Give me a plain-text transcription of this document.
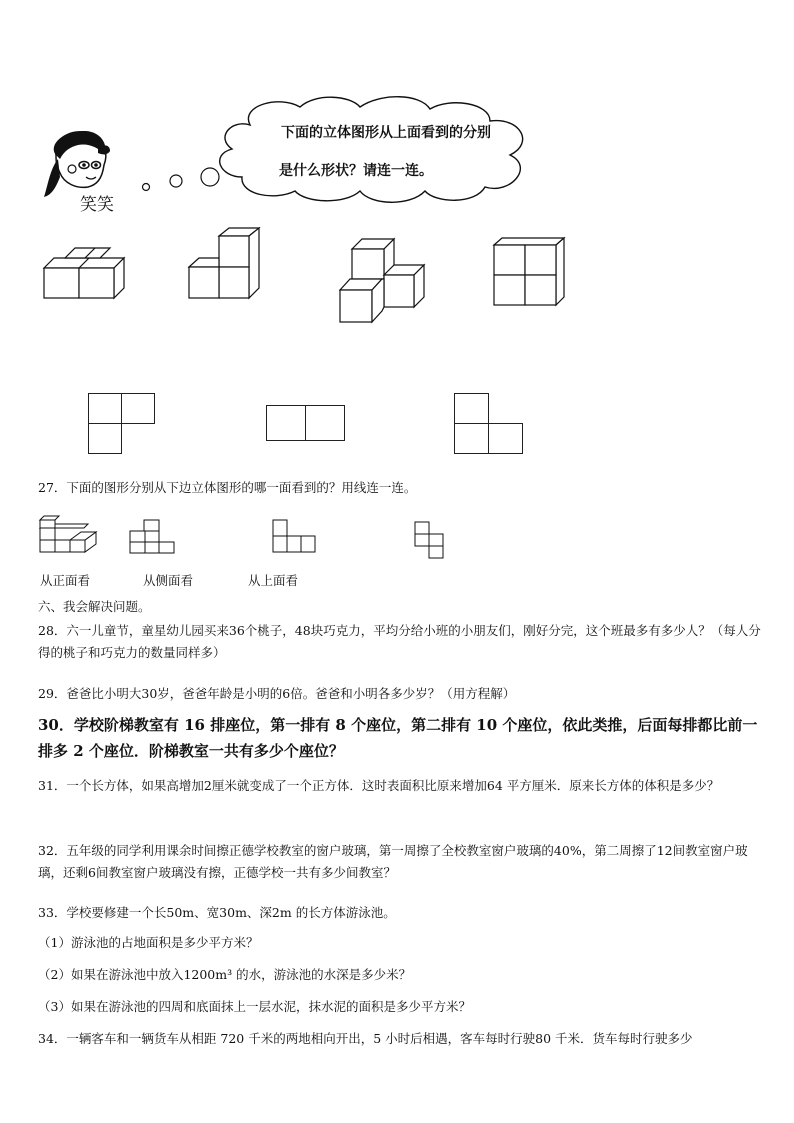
笑笑
下面的立体图形从上面看到的分别
是什么形状？请连一连。
27．下面的图形分别从下边立体图形的哪一面看到的？用线连一连。
从正面看	从侧面看	从上面看
六、我会解决问题。
28．六一儿童节，童星幼儿园买来36个桃子，48块巧克力，平均分给小班的小朋友们，刚好分完，这个班最多有多少人？（每人分得的桃子和巧克力的数量同样多）
29．爸爸比小明大30岁，爸爸年龄是小明的6倍。爸爸和小明各多少岁？（用方程解）
30．学校阶梯教室有 16 排座位，第一排有 8 个座位，第二排有 10 个座位，依此类推，后面每排都比前一排多 2 个座位．阶梯教室一共有多少个座位？
31．一个长方体，如果高增加2厘米就变成了一个正方体．这时表面积比原来增加64 平方厘米．原来长方体的体积是多少？
32．五年级的同学利用课余时间擦正德学校教室的窗户玻璃，第一周擦了全校教室窗户玻璃的40%，第二周擦了12间教室窗户玻璃，还剩6间教室窗户玻璃没有擦，正德学校一共有多少间教室？
33．学校要修建一个长50m、宽30m、深2m 的长方体游泳池。
（1）游泳池的占地面积是多少平方米？
（2）如果在游泳池中放入1200m³ 的水，游泳池的水深是多少米？
（3）如果在游泳池的四周和底面抹上一层水泥，抹水泥的面积是多少平方米？
34．一辆客车和一辆货车从相距 720 千米的两地相向开出，5 小时后相遇，客车每时行驶80 千米．货车每时行驶多少
